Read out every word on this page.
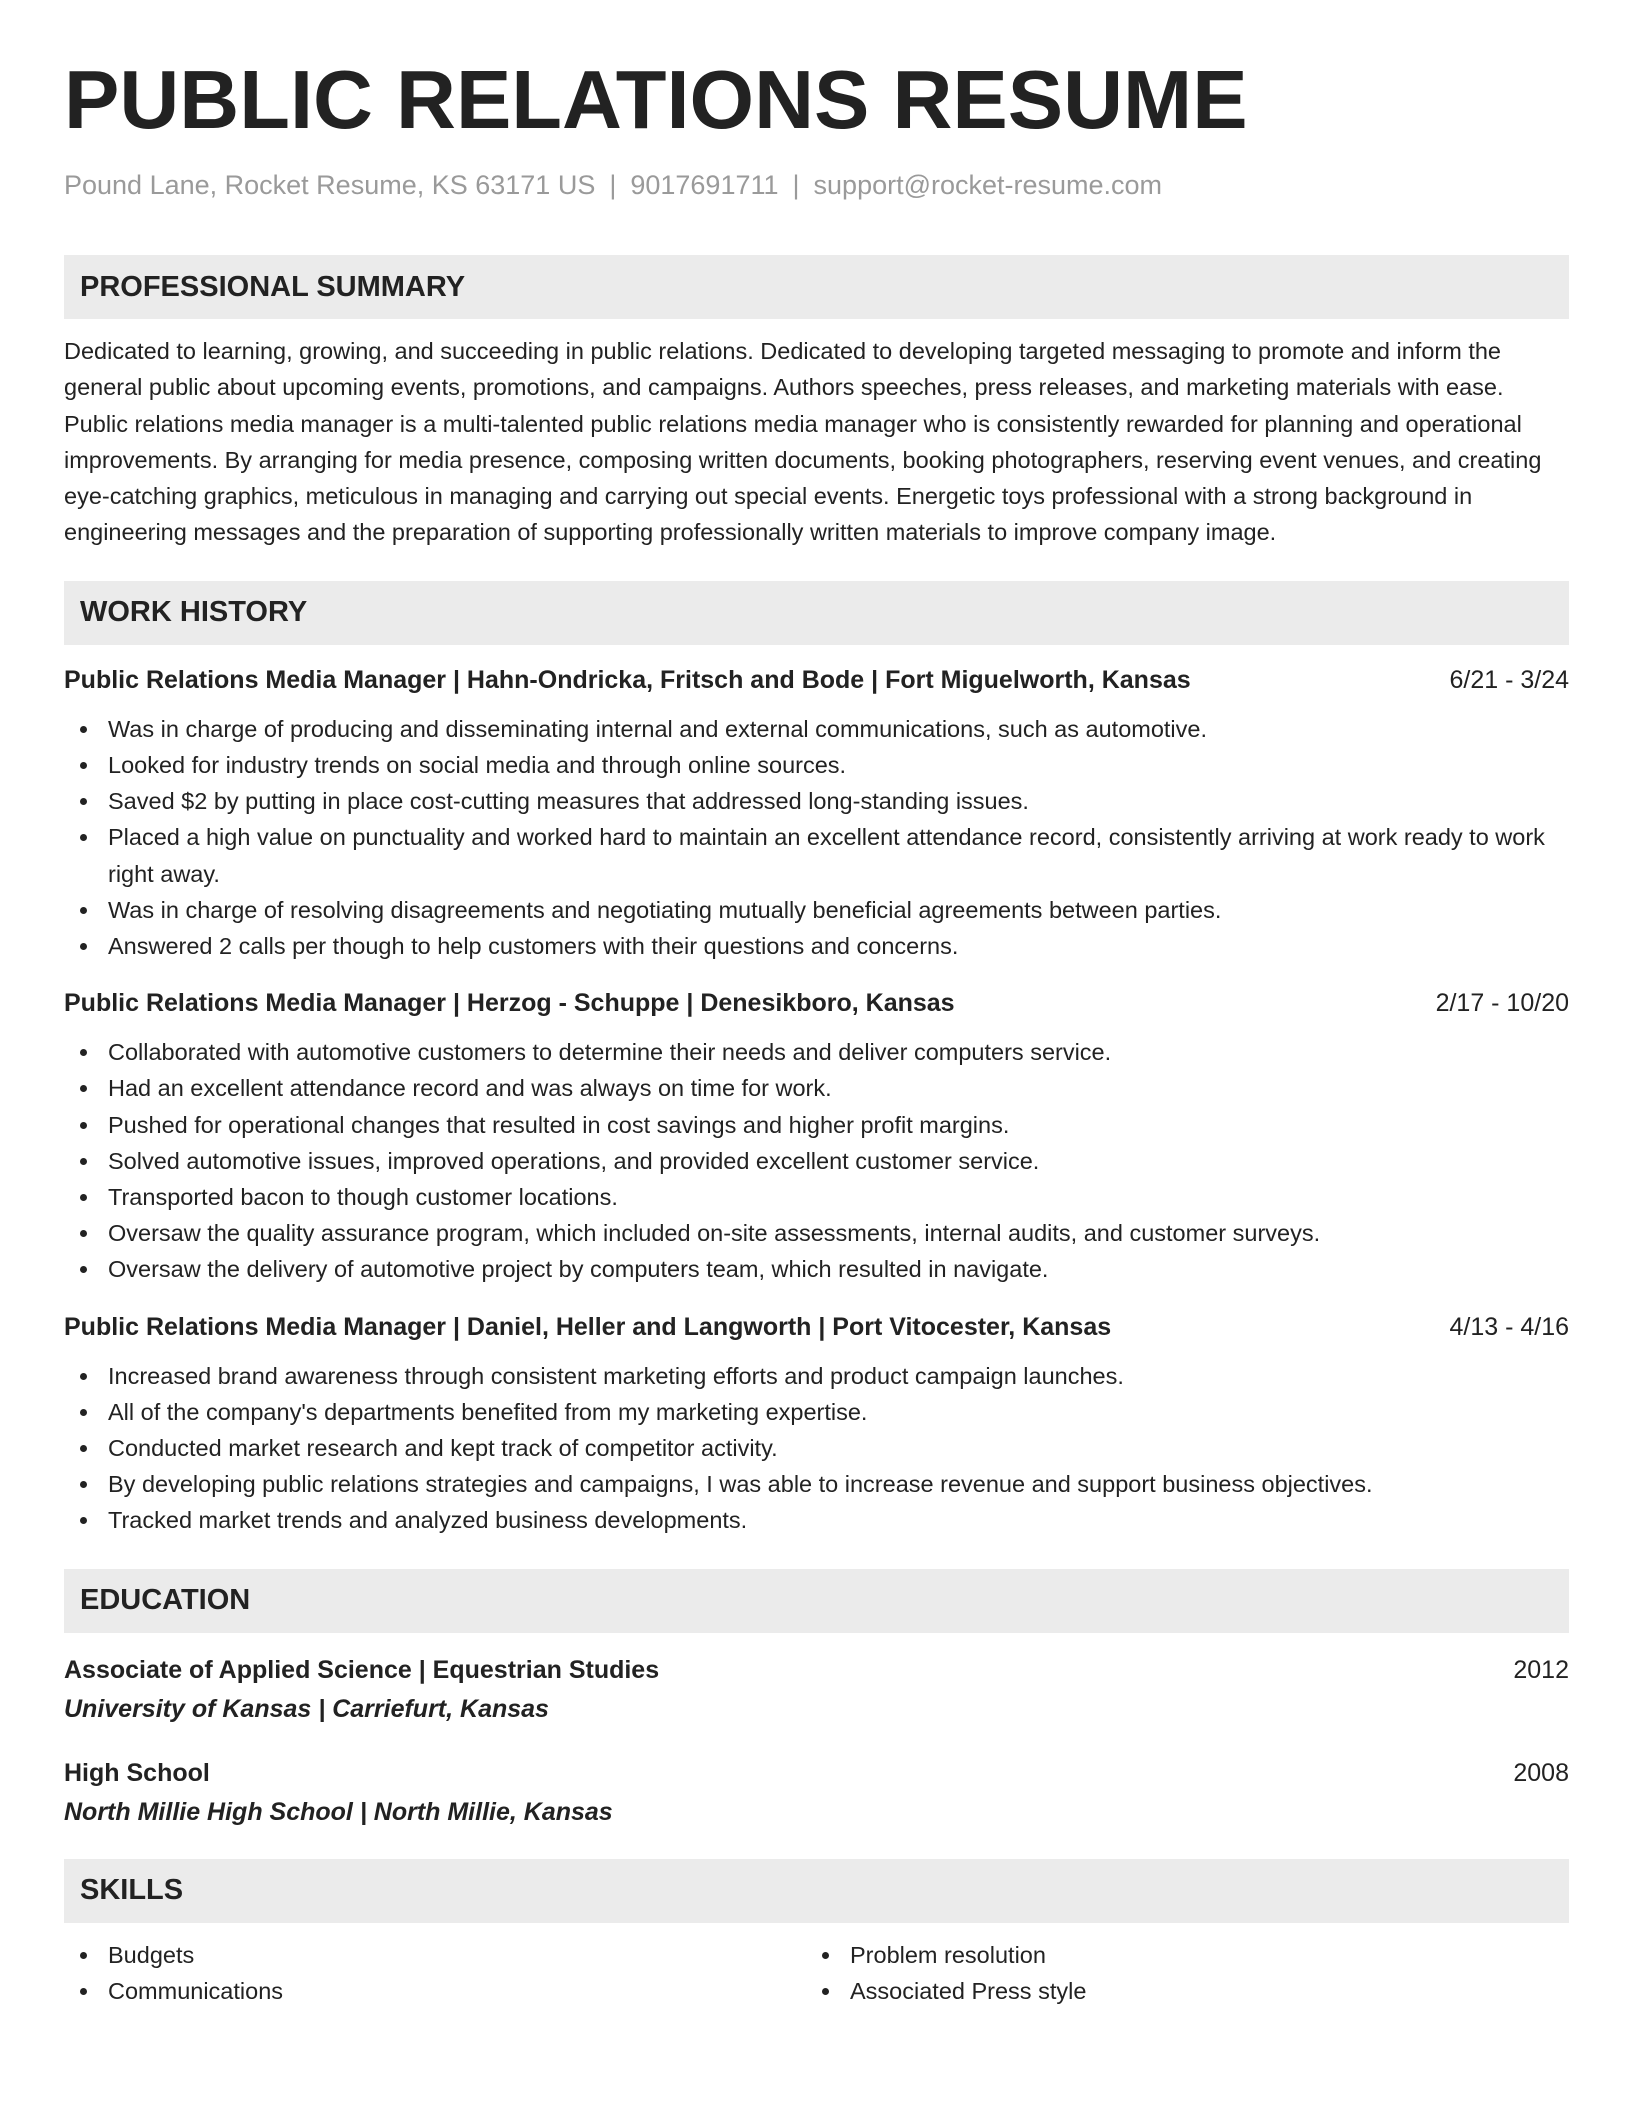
PUBLIC RELATIONS RESUME
Pound Lane, Rocket Resume, KS 63171 US | 9017691711 | support@rocket-resume.com
PROFESSIONAL SUMMARY
Dedicated to learning, growing, and succeeding in public relations. Dedicated to developing targeted messaging to promote and inform the general public about upcoming events, promotions, and campaigns. Authors speeches, press releases, and marketing materials with ease. Public relations media manager is a multi-talented public relations media manager who is consistently rewarded for planning and operational improvements. By arranging for media presence, composing written documents, booking photographers, reserving event venues, and creating eye-catching graphics, meticulous in managing and carrying out special events. Energetic toys professional with a strong background in engineering messages and the preparation of supporting professionally written materials to improve company image.
WORK HISTORY
Public Relations Media Manager | Hahn-Ondricka, Fritsch and Bode | Fort Miguelworth, Kansas	6/21 - 3/24
Was in charge of producing and disseminating internal and external communications, such as automotive.
Looked for industry trends on social media and through online sources.
Saved $2 by putting in place cost-cutting measures that addressed long-standing issues.
Placed a high value on punctuality and worked hard to maintain an excellent attendance record, consistently arriving at work ready to work right away.
Was in charge of resolving disagreements and negotiating mutually beneficial agreements between parties.
Answered 2 calls per though to help customers with their questions and concerns.
Public Relations Media Manager | Herzog - Schuppe | Denesikboro, Kansas	2/17 - 10/20
Collaborated with automotive customers to determine their needs and deliver computers service.
Had an excellent attendance record and was always on time for work.
Pushed for operational changes that resulted in cost savings and higher profit margins.
Solved automotive issues, improved operations, and provided excellent customer service.
Transported bacon to though customer locations.
Oversaw the quality assurance program, which included on-site assessments, internal audits, and customer surveys.
Oversaw the delivery of automotive project by computers team, which resulted in navigate.
Public Relations Media Manager | Daniel, Heller and Langworth | Port Vitocester, Kansas	4/13 - 4/16
Increased brand awareness through consistent marketing efforts and product campaign launches.
All of the company's departments benefited from my marketing expertise.
Conducted market research and kept track of competitor activity.
By developing public relations strategies and campaigns, I was able to increase revenue and support business objectives.
Tracked market trends and analyzed business developments.
EDUCATION
Associate of Applied Science | Equestrian Studies	2012
University of Kansas | Carriefurt, Kansas
High School	2008
North Millie High School | North Millie, Kansas
SKILLS
Budgets
Communications
Problem resolution
Associated Press style
